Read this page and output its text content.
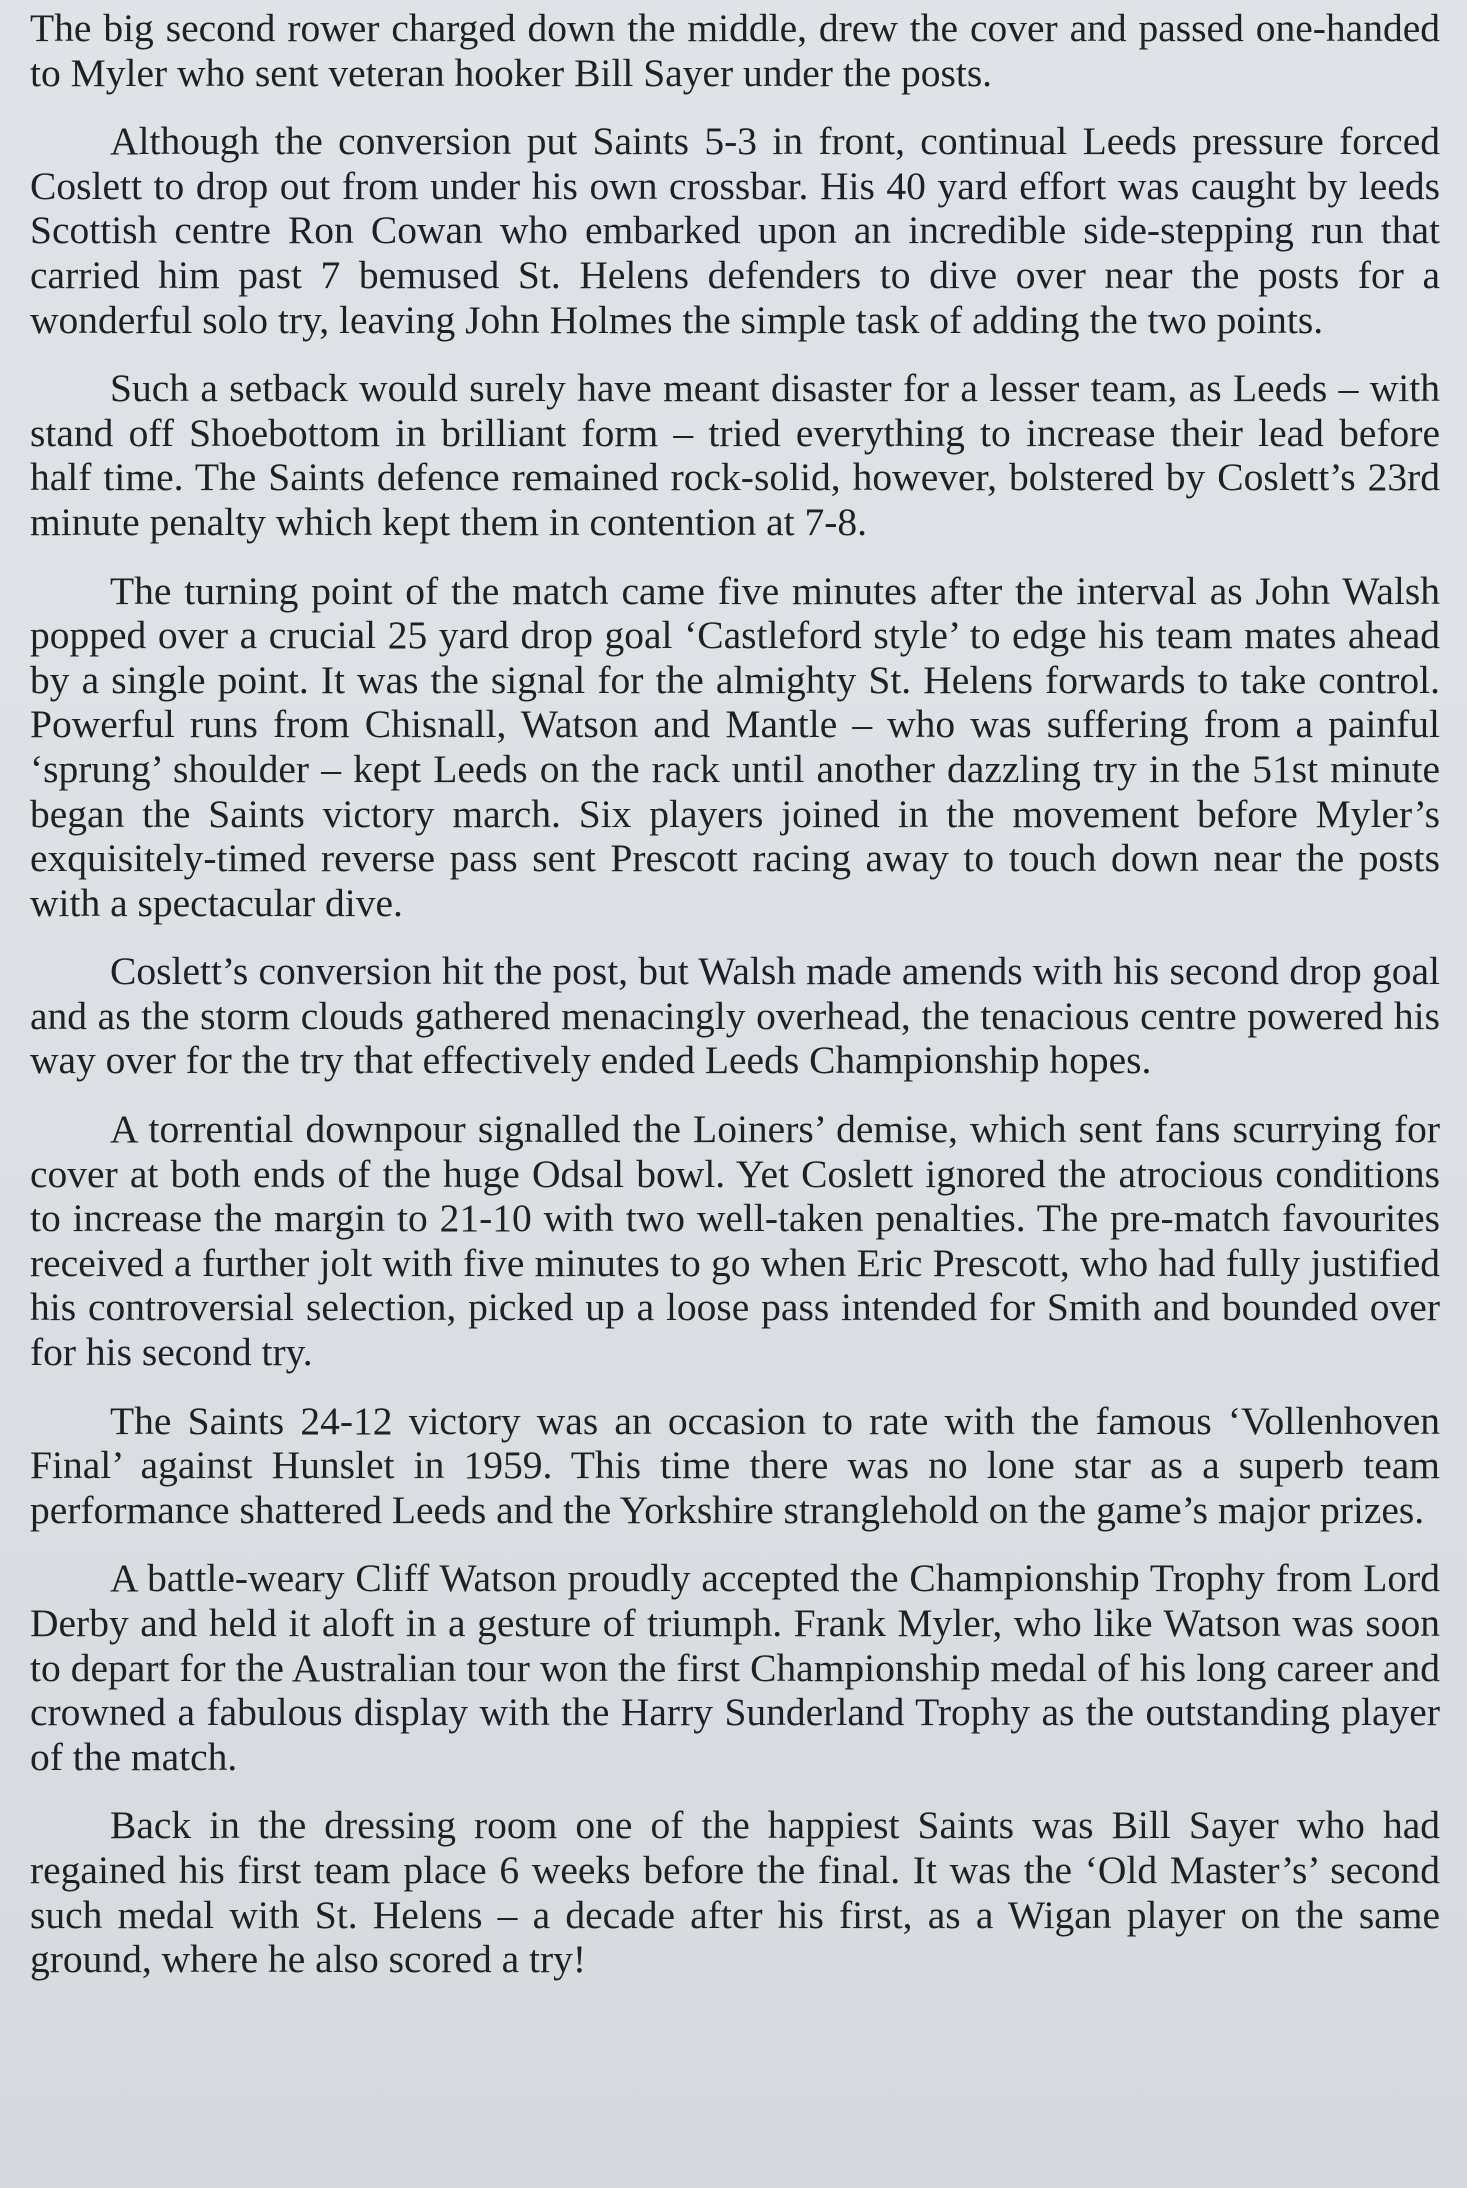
The big second rower charged down the middle, drew the cover and passed one-handed to Myler who sent veteran hooker Bill Sayer under the posts.

Although the conversion put Saints 5-3 in front, continual Leeds pressure forced Coslett to drop out from under his own crossbar. His 40 yard effort was caught by leeds Scottish centre Ron Cowan who embarked upon an incredible side-stepping run that carried him past 7 bemused St. Helens defenders to dive over near the posts for a wonderful solo try, leaving John Holmes the simple task of adding the two points.

Such a setback would surely have meant disaster for a lesser team, as Leeds – with stand off Shoebottom in brilliant form – tried everything to increase their lead before half time. The Saints defence remained rock-solid, however, bolstered by Coslett’s 23rd minute penalty which kept them in contention at 7-8.

The turning point of the match came five minutes after the interval as John Walsh popped over a crucial 25 yard drop goal ‘Castleford style’ to edge his team mates ahead by a single point. It was the signal for the almighty St. Helens forwards to take control. Powerful runs from Chisnall, Watson and Mantle – who was suffering from a painful ‘sprung’ shoulder – kept Leeds on the rack until another dazzling try in the 51st minute began the Saints victory march. Six players joined in the movement before Myler’s exquisitely-timed reverse pass sent Prescott racing away to touch down near the posts with a spectacular dive.

Coslett’s conversion hit the post, but Walsh made amends with his second drop goal and as the storm clouds gathered menacingly overhead, the tenacious centre powered his way over for the try that effectively ended Leeds Championship hopes.

A torrential downpour signalled the Loiners’ demise, which sent fans scurrying for cover at both ends of the huge Odsal bowl. Yet Coslett ignored the atrocious conditions to increase the margin to 21-10 with two well-taken penalties. The pre-match favourites received a further jolt with five minutes to go when Eric Prescott, who had fully justified his controversial selection, picked up a loose pass intended for Smith and bounded over for his second try.

The Saints 24-12 victory was an occasion to rate with the famous ‘Vollenhoven Final’ against Hunslet in 1959. This time there was no lone star as a superb team performance shattered Leeds and the Yorkshire stranglehold on the game’s major prizes.

A battle-weary Cliff Watson proudly accepted the Championship Trophy from Lord Derby and held it aloft in a gesture of triumph. Frank Myler, who like Watson was soon to depart for the Australian tour won the first Championship medal of his long career and crowned a fabulous display with the Harry Sunderland Trophy as the outstanding player of the match.

Back in the dressing room one of the happiest Saints was Bill Sayer who had regained his first team place 6 weeks before the final. It was the ‘Old Master’s’ second such medal with St. Helens – a decade after his first, as a Wigan player on the same ground, where he also scored a try!
